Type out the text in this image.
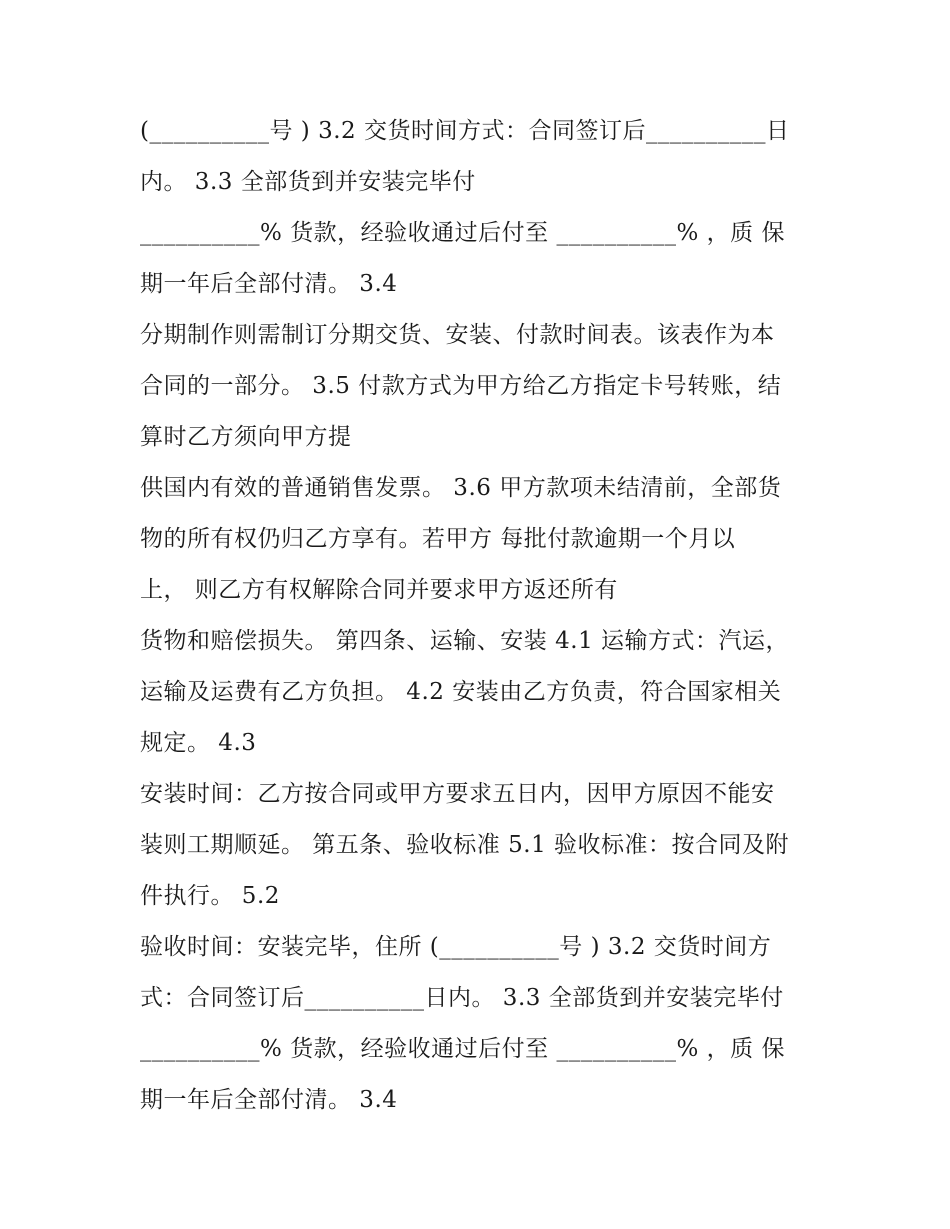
(__________号 ) 3.2 交货时间方式：合同签订后__________日
内。 3.3 全部货到并安装完毕付
__________% 货款，经验收通过后付至 __________% ，质 保
期一年后全部付清。 3.4
分期制作则需制订分期交货、安装、付款时间表。该表作为本
合同的一部分。 3.5 付款方式为甲方给乙方指定卡号转账，结
算时乙方须向甲方提
供国内有效的普通销售发票。 3.6 甲方款项未结清前，全部货
物的所有权仍归乙方享有。若甲方 每批付款逾期一个月以
上， 则乙方有权解除合同并要求甲方返还所有
货物和赔偿损失。 第四条、运输、安装 4.1 运输方式：汽运，
运输及运费有乙方负担。 4.2 安装由乙方负责，符合国家相关
规定。 4.3
安装时间：乙方按合同或甲方要求五日内，因甲方原因不能安
装则工期顺延。 第五条、验收标准 5.1 验收标准：按合同及附
件执行。 5.2
验收时间：安装完毕，住所 (__________号 ) 3.2 交货时间方
式：合同签订后__________日内。 3.3 全部货到并安装完毕付
__________% 货款，经验收通过后付至 __________% ，质 保
期一年后全部付清。 3.4
